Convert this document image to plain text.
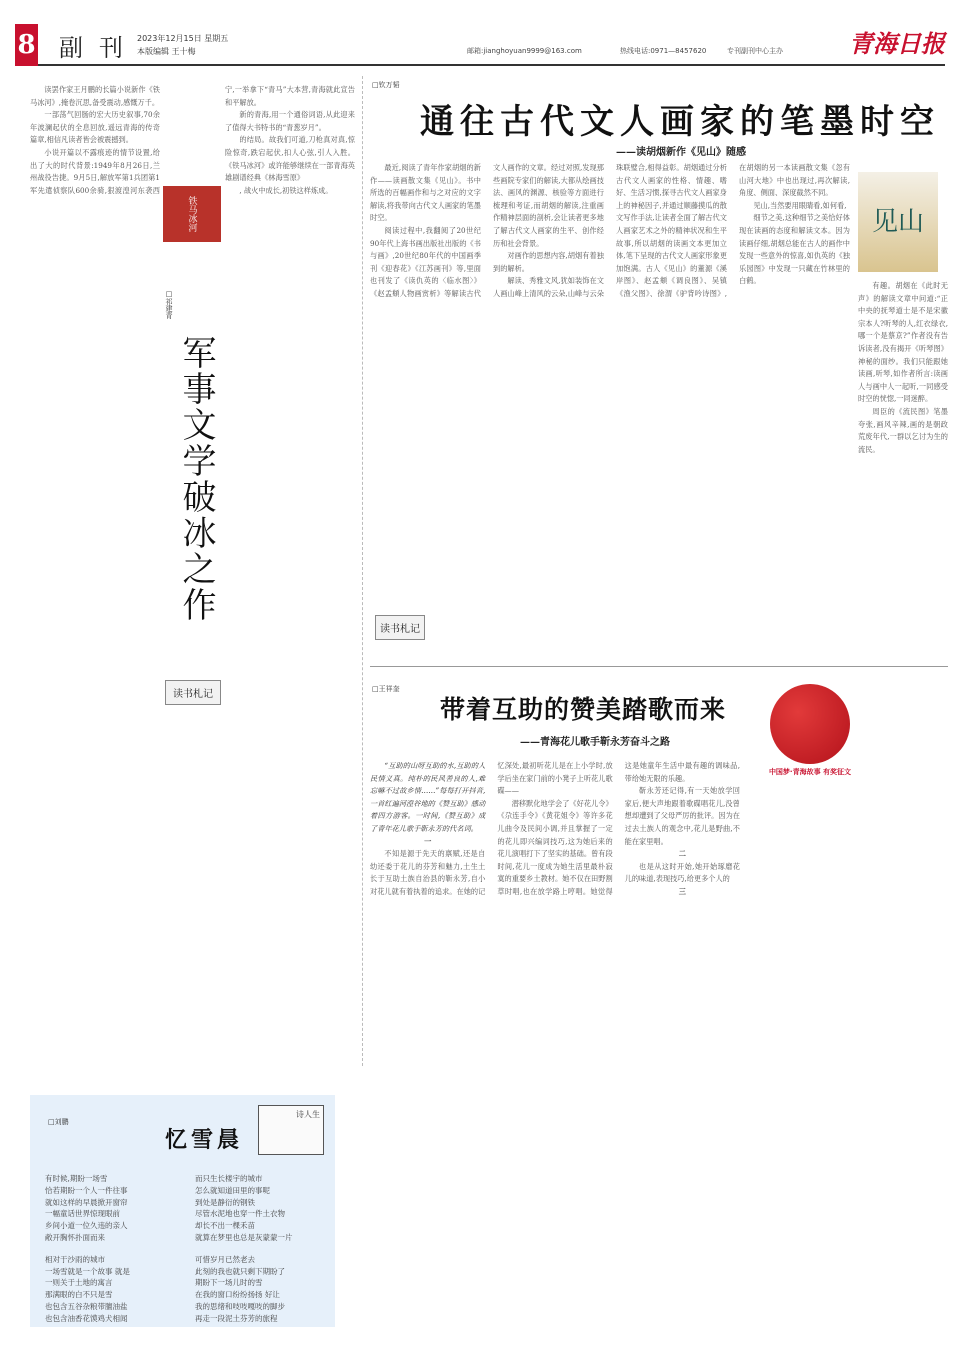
8 副刊
2023年12月15日 星期五
本版编辑 王十梅	邮箱:jianghoyuan9999@163.com	热线电话:0971—8457620	专刊副刊中心主办	青海日报

读罢作家王月鹏的长篇小说新作《铁马冰河》,掩卷沉思,备受震动,感慨万千。

一部荡气回肠的宏大历史叙事,70余年波澜起伏的全息回放,遥远青海的传奇篇章,相信凡读者皆会被震撼到。

小说开篇以不露痕迹的情节设置,给出了大的时代背景:1949年8月26日,兰州战役告捷。9月5日,解放军第1兵团第1军先遣侦察队600余骑,狠渡湟河东袭西宁,一举拿下“青马”大本营,青海就此宣告和平解放。

新的青海,用一个通俗词语,从此迎来了值得大书特书的“青葱岁月”。

的结局。故我们可道,刀枪真对真,惊险惊奇,跌宕起伏,扣人心弦,引人入胜。《铁马冰河》或许能够继续在一部青海英雄剧谱经典《林海雪原》

, 战火中成长,初铁这样炼成。

铁马冰河
□祁建青
军事文学破冰之作
读书札记
□钦万韬
通往古代文人画家的笔墨时空
——读胡烟新作《见山》随感

最近,阅读了青年作家胡烟的新作——读画散文集《见山》。书中所选的百幅画作和与之对应的文字解读,将我带向古代文人画家的笔墨时空。

阅读过程中,我翻阅了20世纪90年代上海书画出版社出版的《书与画》,20世纪80年代的中国画季刊《迎春花》《江苏画刊》等,里面也刊发了《读仇英的〈临水图〉》《赵孟頫人物画赏析》等解读古代文人画作的文章。经过对照,发现那些画院专家们的解读,大都从绘画技法、画风的渊源、核验等方面进行梳理和考证,而胡烟的解读,注重画作精神层面的剖析,会让读者更多地了解古代文人画家的生平、创作经历和社会背景。

对画作的思想内容,胡烟有着独到的解析。

解读、秀雅文风,犹如装饰在文人画山峰上清风的云朵,山峰与云朵珠联璧合,相得益彰。胡烟通过分析古代文人画家的性格、情趣、嗜好、生活习惯,探寻古代文人画家身上的神秘因子,并通过顺藤摸瓜的散文写作手法,让读者全面了解古代文人画家艺术之外的精神状况和生平故事,所以胡烟的读画文本更加立体,笔下呈现的古代文人画家形象更加饱满。古人《见山》的董源《溪岸图》、赵孟頫《调良图》、吴镇《渔父图》、徐渭《驴背吟诗图》,在胡烟的另一本读画散文集《忽有山河大地》中也出现过,再次解读,角度、侧面、深度截然不同。

见山,当然要用眼睛看,如何看,

细节之美,这种细节之美恰好体现在读画的态度和解读文本。因为读画仔细,胡烟总能在古人的画作中发现一些意外的惊喜,如仇英的《独乐园图》中发现一只藏在竹林里的白鹤。

有趣。胡烟在《此时无声》的解读文章中问道:“正中央的抚琴道士是不是宋徽宗本人?听琴的人,红衣绿衣,哪一个是蔡京?”作者没有告诉读者,没有揭开《听琴图》神秘的面纱。我们只能跟她读画,听琴,如作者所言:读画人与画中人一起听,一同感受时空的恍惚,一同迷醉。

周臣的《流民图》笔墨夸张,画风辛辣,画的是朝政荒废年代,一群以乞讨为生的流民。

见山
读书札记
□王祥奎
带着互助的赞美踏歌而来
——青海花儿歌手靳永芳奋斗之路
中国梦·青海故事 有奖征文

“互助的山呀互助的水,互助的人民情义真。纯朴的民风善良的人,难忘嘛不过故乡情……”每每打开抖音,一首红遍河湟谷地的《赞互助》感动着四方游客。一时间,《赞互助》成了青年花儿歌手靳永芳的代名词。

一

不知是源于先天的禀赋,还是自幼还委于花儿的芬芳和魅力,土生土长于互助土族自治县的靳永芳,自小对花儿就有着执着的追求。在她的记忆深处,最初听花儿是在上小学时,放学后坐在家门前的小凳子上听花儿歌碟——

潜移默化地学会了《好花儿令》《尕连手令》《黄花姐令》等许多花儿曲令及民间小调,并且掌握了一定的花儿即兴编词技巧,这为她后来的花儿演唱打下了坚实的基础。曾有段时间,花儿一度成为她生活里最朴寂寞的重要乡土教材。她不仅在田野割草时唱,也在放学路上哼唱。她觉得这是她童年生活中最有趣的调味品,带给她无限的乐趣。

靳永芳还记得,有一天她放学回家后,便大声地跟着歌碟唱花儿,没曾想却遭到了父母严厉的批评。因为在过去土族人的观念中,花儿是野曲,不能在家里唱。

二

也是从这时开始,她开始琢磨花儿的味道,表现技巧,给更多个人的

三
□刘鹏
忆雪晨
诗人生
有时候,期盼一场雪
恰若期盼一个人一件往事
就如这样的早晨掀开窗帘
一幅童话世界惊现眼前
乡间小道一位久违的亲人
敞开胸怀扑面而来
相对于沙雨的城市
一场雪就是一个故事 就是
一则关于土地的寓言
那满眼的白不只是雪
也包含五谷杂粮带膻油盐
也包含油香花馍鸡犬相闻
而只生长楼宇的城市
怎么就知道田里的事呢
到处是静衍的钢铁
尽管水泥地也穿一件土衣物
却长不出一棵禾苗
就算在梦里也总是灰蒙蒙一片
可惜岁月已然老去
此刻的我也就只剩下期盼了
期盼下一场儿时的雪
在我的窗口纷纷扬扬 好让
我的思绪和吱吱嘎吱的脚步
再走一段泥土芬芳的旅程
